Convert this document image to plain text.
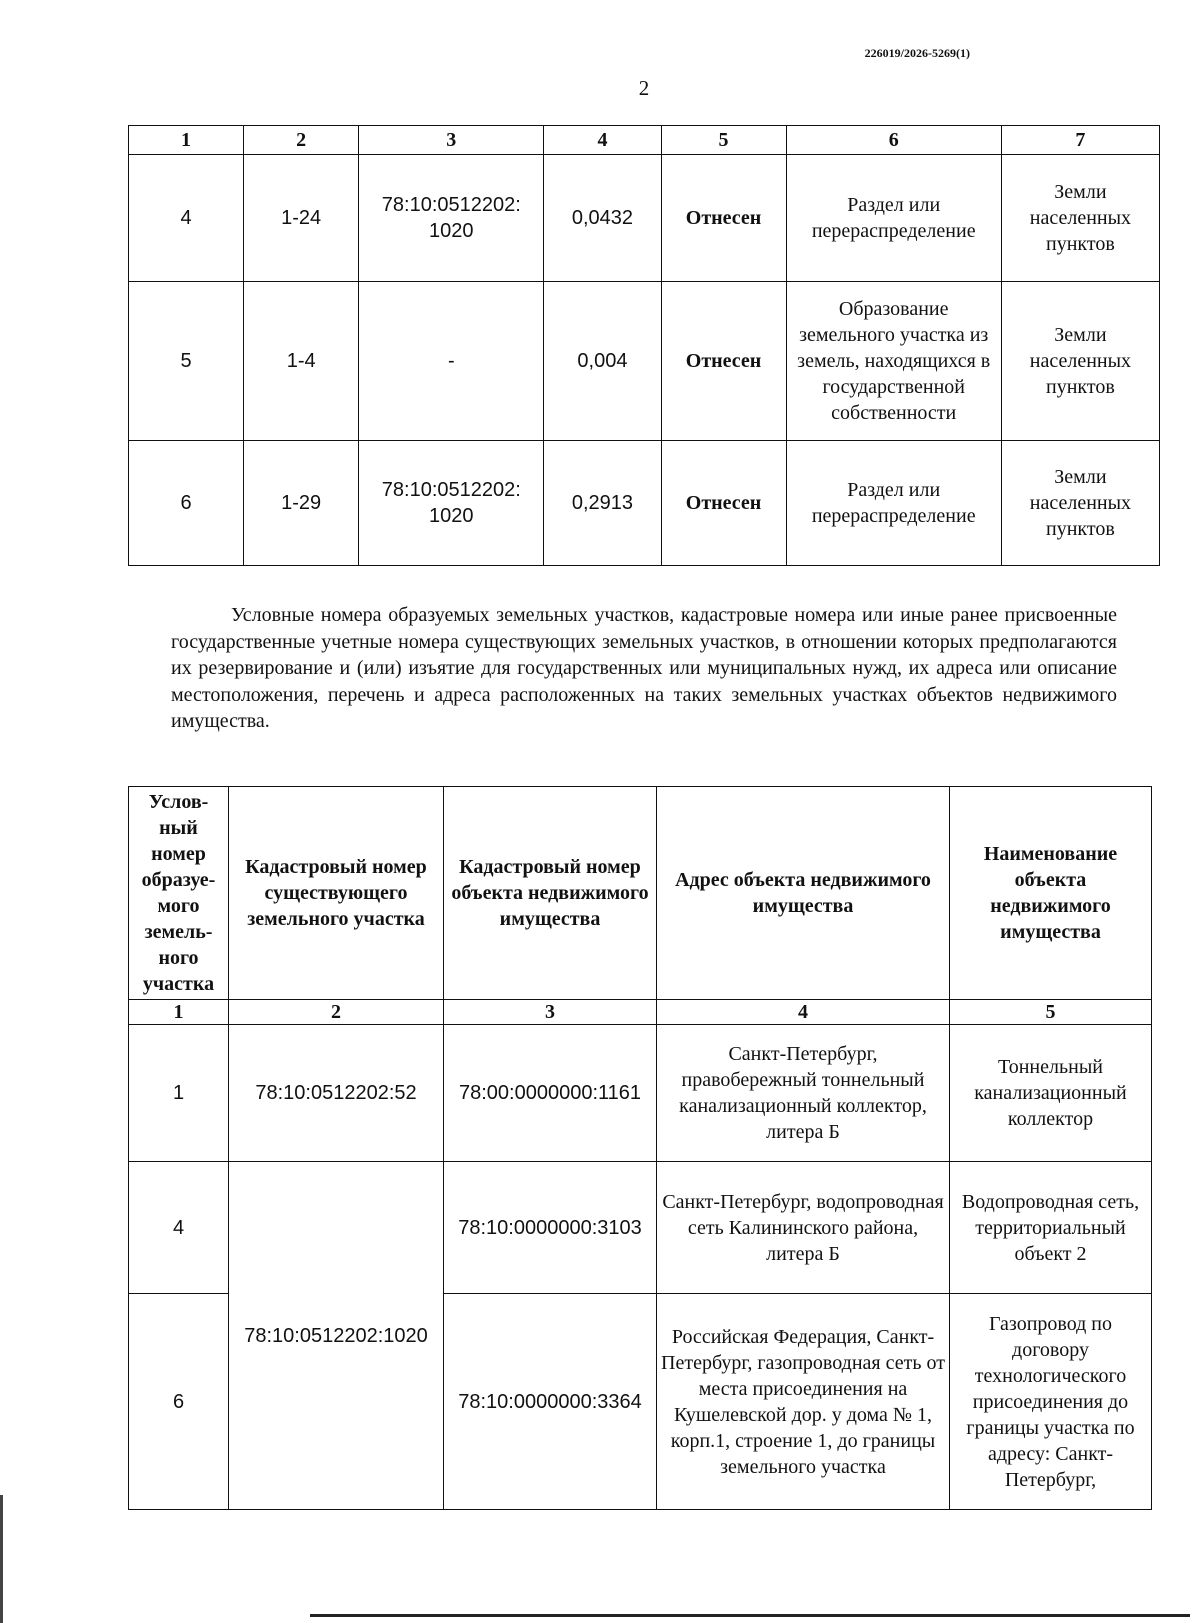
226019/2026-5269(1)
2
1	2	3	4	5	6	7
4	1-24	78:10:0512202: 1020	0,0432	Отнесен	Раздел или перераспределение	Земли населенных пунктов
5	1-4	-	0,004	Отнесен	Образование земельного участка из земель, находящихся в государственной собственности	Земли населенных пунктов
6	1-29	78:10:0512202: 1020	0,2913	Отнесен	Раздел или перераспределение	Земли населенных пунктов

Условные номера образуемых земельных участков, кадастровые номера или иные ранее присвоенные государственные учетные номера существующих земельных участков, в отношении которых предполагаются их резервирование и (или) изъятие для государственных или муниципальных нужд, их адреса или описание местоположения, перечень и адреса расположенных на таких земельных участках объектов недвижимого имущества.

Услов-ный номер образуе-мого земель-ного участка	Кадастровый номер существующего земельного участка	Кадастровый номер объекта недвижимого имущества	Адрес объекта недвижимого имущества	Наименование объекта недвижимого имущества
1	2	3	4	5
1	78:10:0512202:52	78:00:0000000:1161	Санкт-Петербург, правобережный тоннельный канализационный коллектор, литера Б	Тоннельный канализационный коллектор
4	78:10:0512202:1020	78:10:0000000:3103	Санкт-Петербург, водопроводная сеть Калининского района, литера Б	Водопроводная сеть, территориальный объект 2
6		78:10:0000000:3364	Российская Федерация, Санкт-Петербург, газопроводная сеть от места присоединения на Кушелевской дор. у дома № 1, корп.1, строение 1, до границы земельного участка	Газопровод по договору технологического присоединения до границы участка по адресу: Санкт-Петербург,
